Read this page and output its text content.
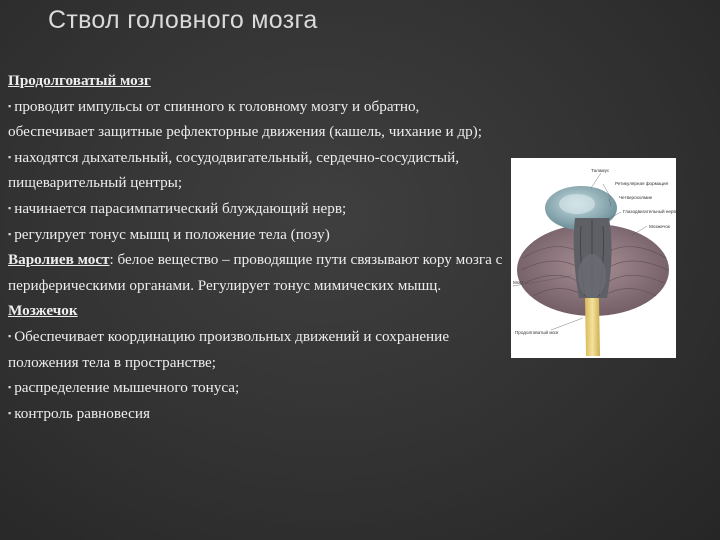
Ствол головного мозга

Продолговатый мозг

▪ проводит импульсы от спинного к головному мозгу и обратно, обеспечивает защитные рефлекторные движения (кашель, чихание и др);

▪ находятся дыхательный, сосудодвигательный, сердечно-сосудистый, пищеварительный центры;

▪ начинается парасимпатический блуждающий нерв;

▪ регулирует тонус мышц и положение тела (позу)

Варолиев мост: белое вещество – проводящие пути связывают кору мозга с периферическими органами. Регулирует тонус мимических мышц.

Мозжечок

▪ Обеспечивает координацию произвольных движений и сохранение положения тела в пространстве;

▪ распределение мышечного тонуса;

▪ контроль равновесия

Таламус
Ретикулярная формация
Четверохолмие
Глазодвигательный нерв
Мозжечок
Мост
Продолговатый мозг
